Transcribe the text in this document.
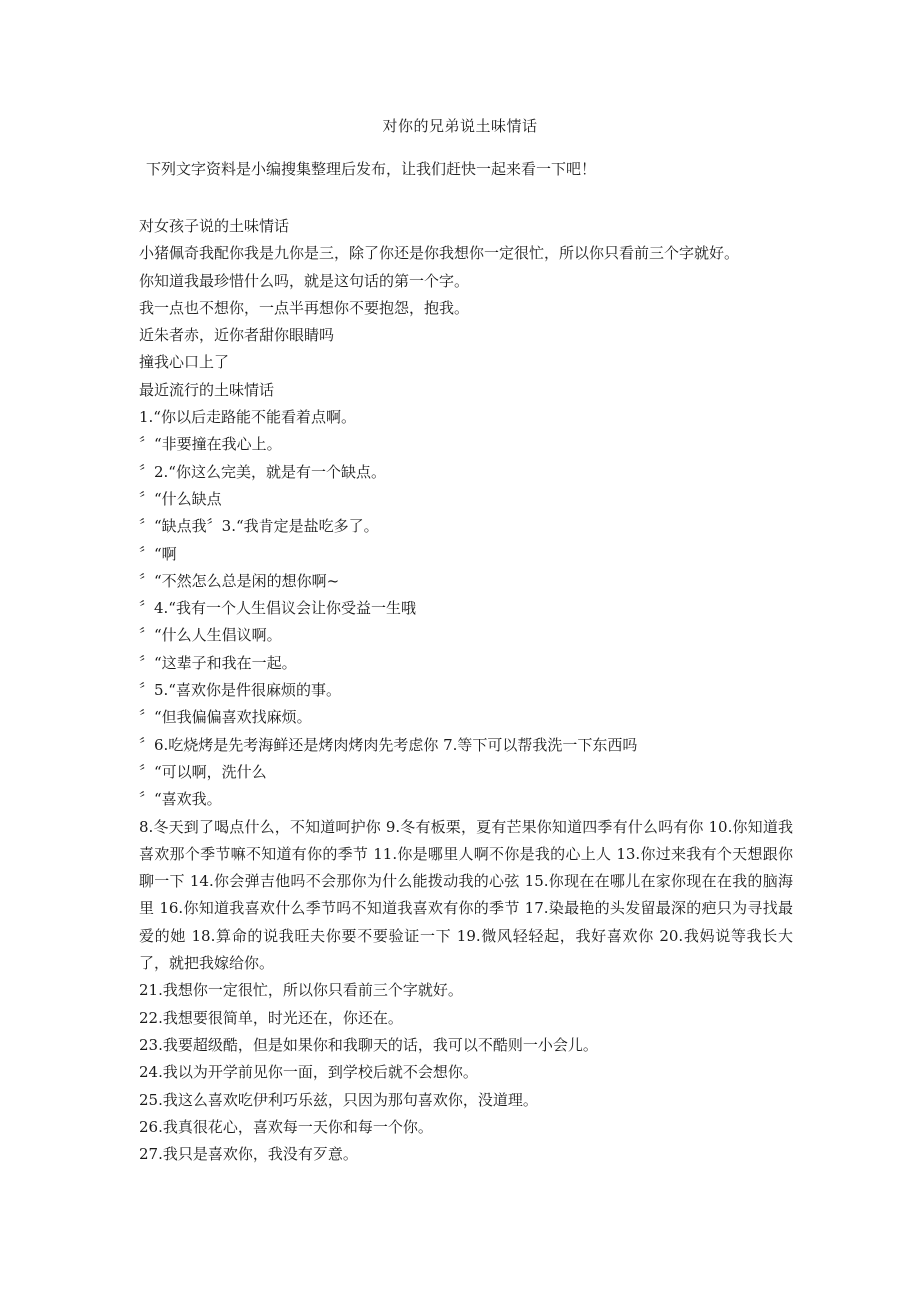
对你的兄弟说土味情话
下列文字资料是小编搜集整理后发布，让我们赶快一起来看一下吧！

对女孩子说的土味情话

小猪佩奇我配你我是九你是三，除了你还是你我想你一定很忙，所以你只看前三个字就好。

你知道我最珍惜什么吗，就是这句话的第一个字。

我一点也不想你，一点半再想你不要抱怨，抱我。

近朱者赤，近你者甜你眼睛吗

撞我心口上了

最近流行的土味情话

1.“你以后走路能不能看着点啊。

〞“非要撞在我心上。

〞2.“你这么完美，就是有一个缺点。

〞“什么缺点

〞“缺点我〞3.“我肯定是盐吃多了。

〞“啊

〞“不然怎么总是闲的想你啊~

〞4.“我有一个人生倡议会让你受益一生哦

〞“什么人生倡议啊。

〞“这辈子和我在一起。

〞5.“喜欢你是件很麻烦的事。

〞“但我偏偏喜欢找麻烦。

〞6.吃烧烤是先考海鲜还是烤肉烤肉先考虑你 7.等下可以帮我洗一下东西吗

〞“可以啊，洗什么

〞“喜欢我。

8.冬天到了喝点什么，不知道呵护你 9.冬有板栗，夏有芒果你知道四季有什么吗有你 10.你知道我喜欢那个季节嘛不知道有你的季节 11.你是哪里人啊不你是我的心上人 13.你过来我有个天想跟你聊一下 14.你会弹吉他吗不会那你为什么能拨动我的心弦 15.你现在在哪儿在家你现在在我的脑海里 16.你知道我喜欢什么季节吗不知道我喜欢有你的季节 17.染最艳的头发留最深的疤只为寻找最爱的她 18.算命的说我旺夫你要不要验证一下 19.微风轻轻起，我好喜欢你 20.我妈说等我长大了，就把我嫁给你。

21.我想你一定很忙，所以你只看前三个字就好。

22.我想要很简单，时光还在，你还在。

23.我要超级酷，但是如果你和我聊天的话，我可以不酷则一小会儿。

24.我以为开学前见你一面，到学校后就不会想你。

25.我这么喜欢吃伊利巧乐兹，只因为那句喜欢你，没道理。

26.我真很花心，喜欢每一天你和每一个你。

27.我只是喜欢你，我没有歹意。
